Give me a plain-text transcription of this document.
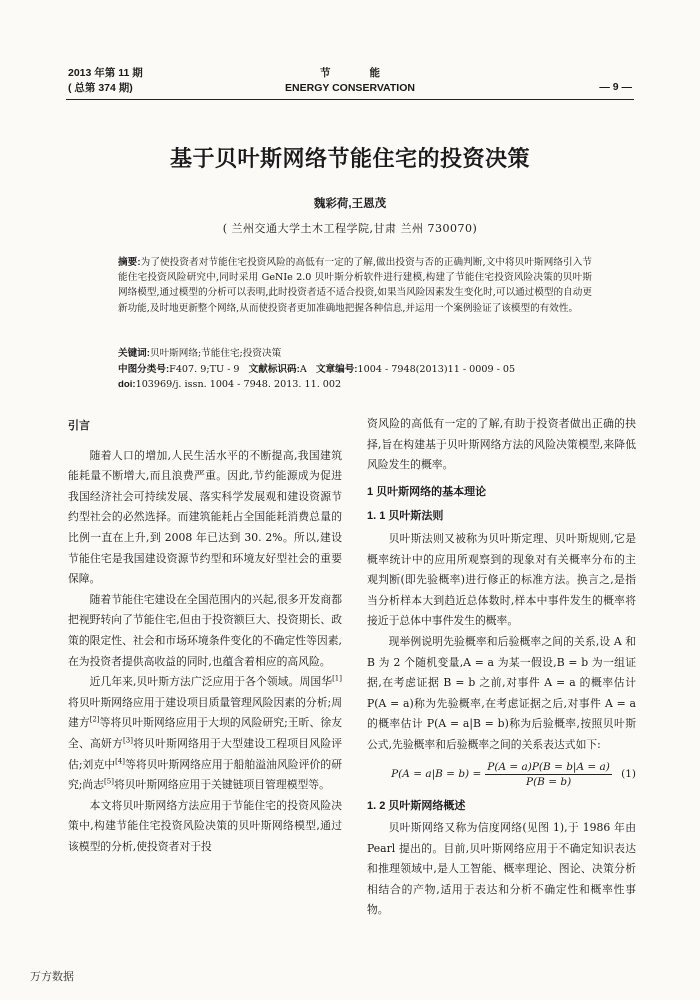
2013 年第 11 期
( 总第 374 期)
节 能
ENERGY CONSERVATION	— 9 —
基于贝叶斯网络节能住宅的投资决策
魏彩荷,王恩茂
( 兰州交通大学土木工程学院,甘肃 兰州 730070)
摘要:为了使投资者对节能住宅投资风险的高低有一定的了解,做出投资与否的正确判断,文中将贝叶斯网络引入节能住宅投资风险研究中,同时采用 GeNIe 2.0 贝叶斯分析软件进行建模,构建了节能住宅投资风险决策的贝叶斯网络模型,通过模型的分析可以表明,此时投资者适不适合投资,如果当风险因素发生变化时,可以通过模型的自动更新功能,及时地更新整个网络,从而使投资者更加准确地把握各种信息,并运用一个案例验证了该模型的有效性。
关键词:贝叶斯网络;节能住宅;投资决策
中图分类号:F407. 9;TU - 9 文献标识码:A 文章编号:1004 - 7948(2013)11 - 0009 - 05
doi:103969/j. issn. 1004 - 7948. 2013. 11. 002

引言

随着人口的增加,人民生活水平的不断提高,我国建筑能耗量不断增大,而且浪费严重。因此,节约能源成为促进我国经济社会可持续发展、落实科学发展观和建设资源节约型社会的必然选择。而建筑能耗占全国能耗消费总量的比例一直在上升,到 2008 年已达到 30. 2%。所以,建设节能住宅是我国建设资源节约型和环境友好型社会的重要保障。

随着节能住宅建设在全国范围内的兴起,很多开发商都把视野转向了节能住宅,但由于投资额巨大、投资期长、政策的限定性、社会和市场环境条件变化的不确定性等因素,在为投资者提供高收益的同时,也蕴含着相应的高风险。

近几年来,贝叶斯方法广泛应用于各个领域。周国华[1]将贝叶斯网络应用于建设项目质量管理风险因素的分析;周建方[2]等将贝叶斯网络应用于大坝的风险研究;王昕、徐友全、高妍方[3]将贝叶斯网络用于大型建设工程项目风险评估;刘克中[4]等将贝叶斯网络应用于船舶溢油风险评价的研究;尚志[5]将贝叶斯网络应用于关键链项目管理模型等。

本文将贝叶斯网络方法应用于节能住宅的投资风险决策中,构建节能住宅投资风险决策的贝叶斯网络模型,通过该模型的分析,使投资者对于投

资风险的高低有一定的了解,有助于投资者做出正确的抉择,旨在构建基于贝叶斯网络方法的风险决策模型,来降低风险发生的概率。

1 贝叶斯网络的基本理论

1. 1 贝叶斯法则

贝叶斯法则又被称为贝叶斯定理、贝叶斯规则,它是概率统计中的应用所观察到的现象对有关概率分布的主观判断(即先验概率)进行修正的标准方法。换言之,是指当分析样本大到趋近总体数时,样本中事件发生的概率将接近于总体中事件发生的概率。

现举例说明先验概率和后验概率之间的关系,设 A 和 B 为 2 个随机变量,A = a 为某一假设,B = b 为一组证据,在考虑证据 B = b 之前,对事件 A = a 的概率估计 P(A = a)称为先验概率,在考虑证据之后,对事件 A = a 的概率估计 P(A = a|B = b)称为后验概率,按照贝叶斯公式,先验概率和后验概率之间的关系表达式如下:

$P(A = a|B = b) = \frac{P(A = a)P(B = b|A = a)}{P(B = b)} (1)$

1. 2 贝叶斯网络概述

贝叶斯网络又称为信度网络(见图 1),于 1986 年由 Pearl 提出的。目前,贝叶斯网络应用于不确定知识表达和推理领域中,是人工智能、概率理论、图论、决策分析相结合的产物,适用于表达和分析不确定性和概率性事物。

万方数据
